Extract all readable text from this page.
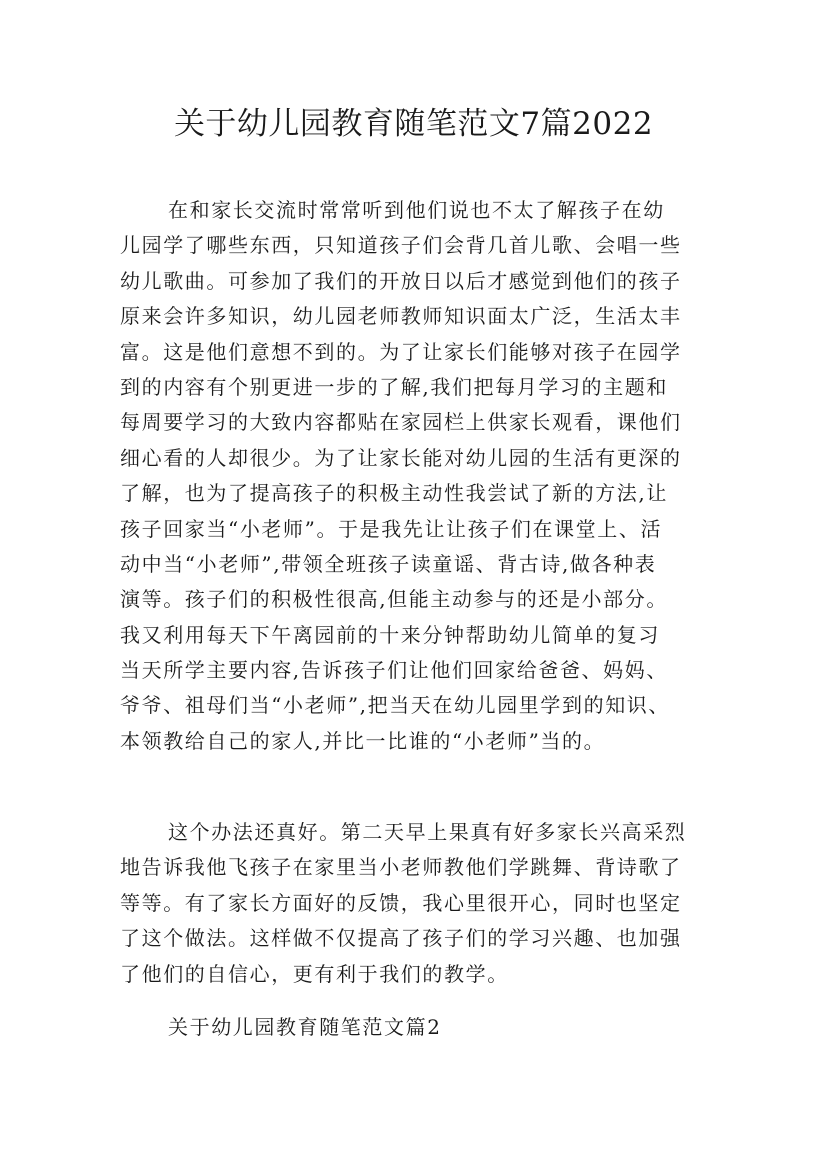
关于幼儿园教育随笔范文7篇2022
在和家长交流时常常听到他们说也不太了解孩子在幼
儿园学了哪些东西，只知道孩子们会背几首儿歌、会唱一些
幼儿歌曲。可参加了我们的开放日以后才感觉到他们的孩子
原来会许多知识，幼儿园老师教师知识面太广泛，生活太丰
富。这是他们意想不到的。为了让家长们能够对孩子在园学
到的内容有个别更进一步的了解,我们把每月学习的主题和
每周要学习的大致内容都贴在家园栏上供家长观看，课他们
细心看的人却很少。为了让家长能对幼儿园的生活有更深的
了解，也为了提高孩子的积极主动性我尝试了新的方法,让
孩子回家当“小老师”。于是我先让让孩子们在课堂上、活
动中当“小老师”,带领全班孩子读童谣、背古诗,做各种表
演等。孩子们的积极性很高,但能主动参与的还是小部分。
我又利用每天下午离园前的十来分钟帮助幼儿简单的复习
当天所学主要内容,告诉孩子们让他们回家给爸爸、妈妈、
爷爷、祖母们当“小老师”,把当天在幼儿园里学到的知识、
本领教给自己的家人,并比一比谁的“小老师”当的。
这个办法还真好。第二天早上果真有好多家长兴高采烈
地告诉我他飞孩子在家里当小老师教他们学跳舞、背诗歌了
等等。有了家长方面好的反馈，我心里很开心，同时也坚定
了这个做法。这样做不仅提高了孩子们的学习兴趣、也加强
了他们的自信心，更有利于我们的教学。
关于幼儿园教育随笔范文篇2
